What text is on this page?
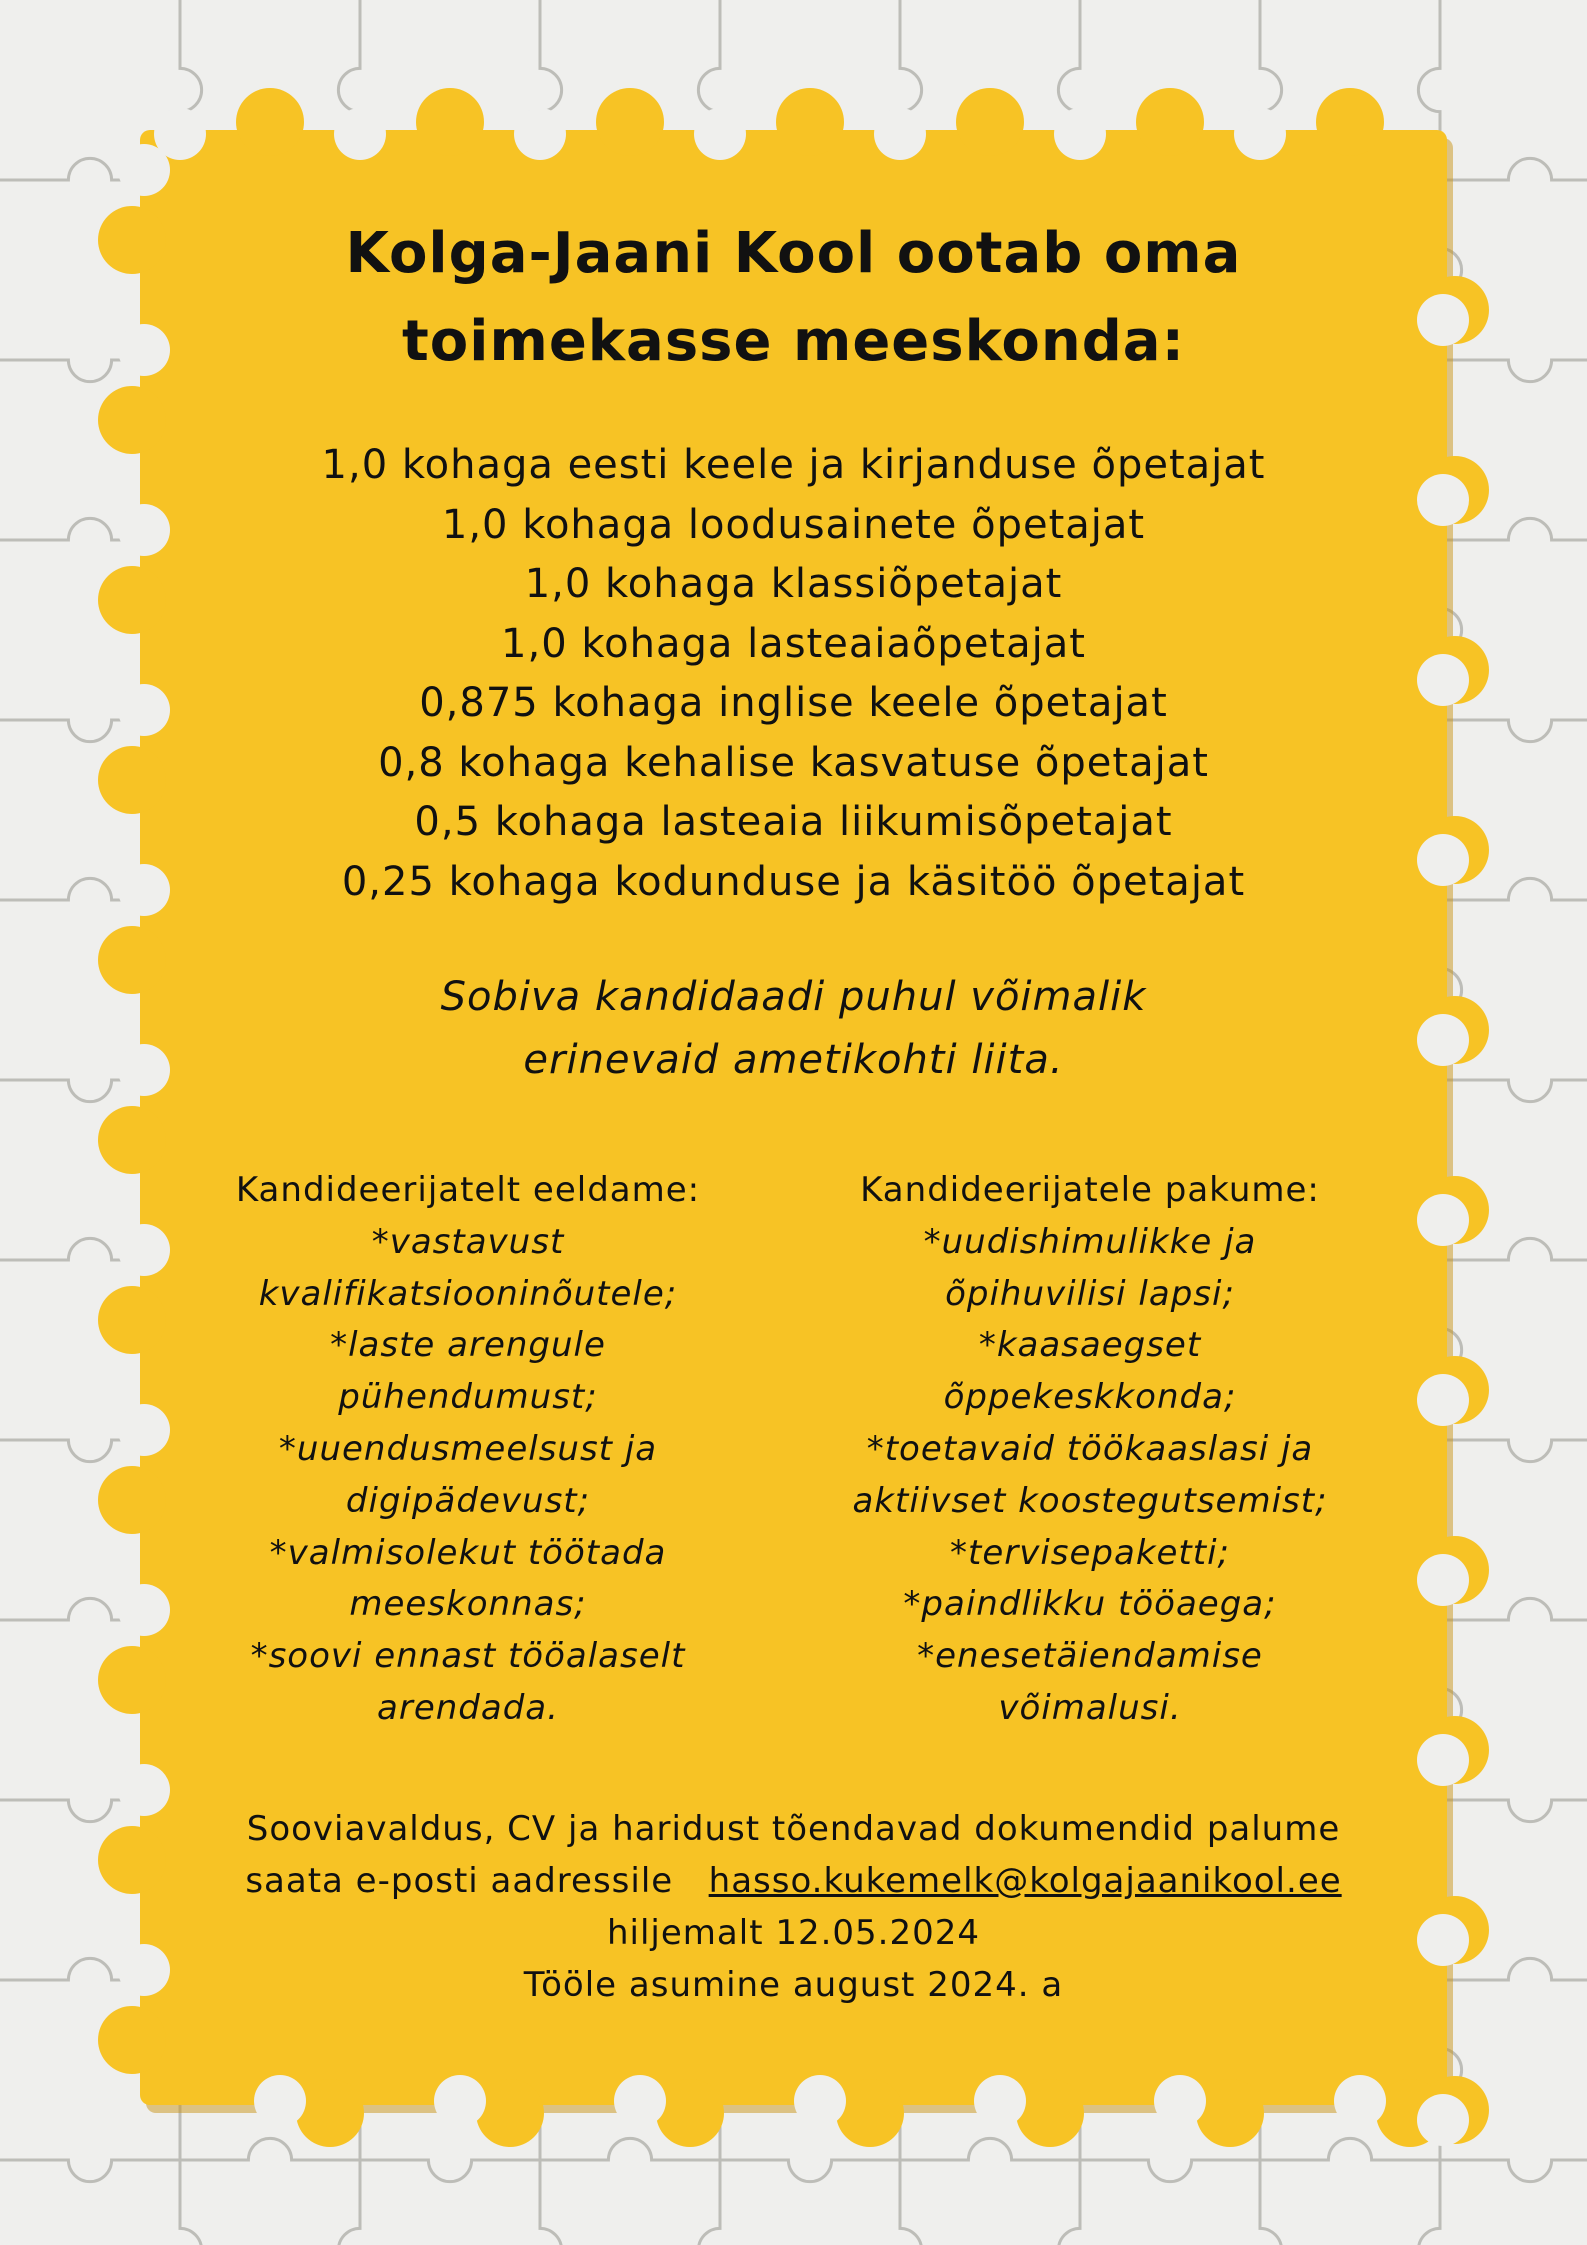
Kolga-Jaani Kool ootab oma
toimekasse meeskonda:
1,0 kohaga eesti keele ja kirjanduse õpetajat
1,0 kohaga loodusainete õpetajat
1,0 kohaga klassiõpetajat
1,0 kohaga lasteaiaõpetajat
0,875 kohaga inglise keele õpetajat
0,8 kohaga kehalise kasvatuse õpetajat
0,5 kohaga lasteaia liikumisõpetajat
0,25 kohaga kodunduse ja käsitöö õpetajat
Sobiva kandidaadi puhul võimalik
erinevaid ametikohti liita.
Kandideerijatelt eeldame:
*vastavust
kvalifikatsiooninõutele;
*laste arengule
pühendumust;
*uuendusmeelsust ja
digipädevust;
*valmisolekut töötada
meeskonnas;
*soovi ennast tööalaselt
arendada.
Kandideerijatele pakume:
*uudishimulikke ja
õpihuvilisi lapsi;
*kaasaegset
õppekeskkonda;
*toetavaid töökaaslasi ja
aktiivset koostegutsemist;
*tervisepaketti;
*paindlikku tööaega;
*enesetäiendamise
võimalusi.
Sooviavaldus, CV ja haridust tõendavad dokumendid palume
saata e-posti aadressile hasso.kukemelk@kolgajaanikool.ee
hiljemalt 12.05.2024
Tööle asumine august 2024. a
